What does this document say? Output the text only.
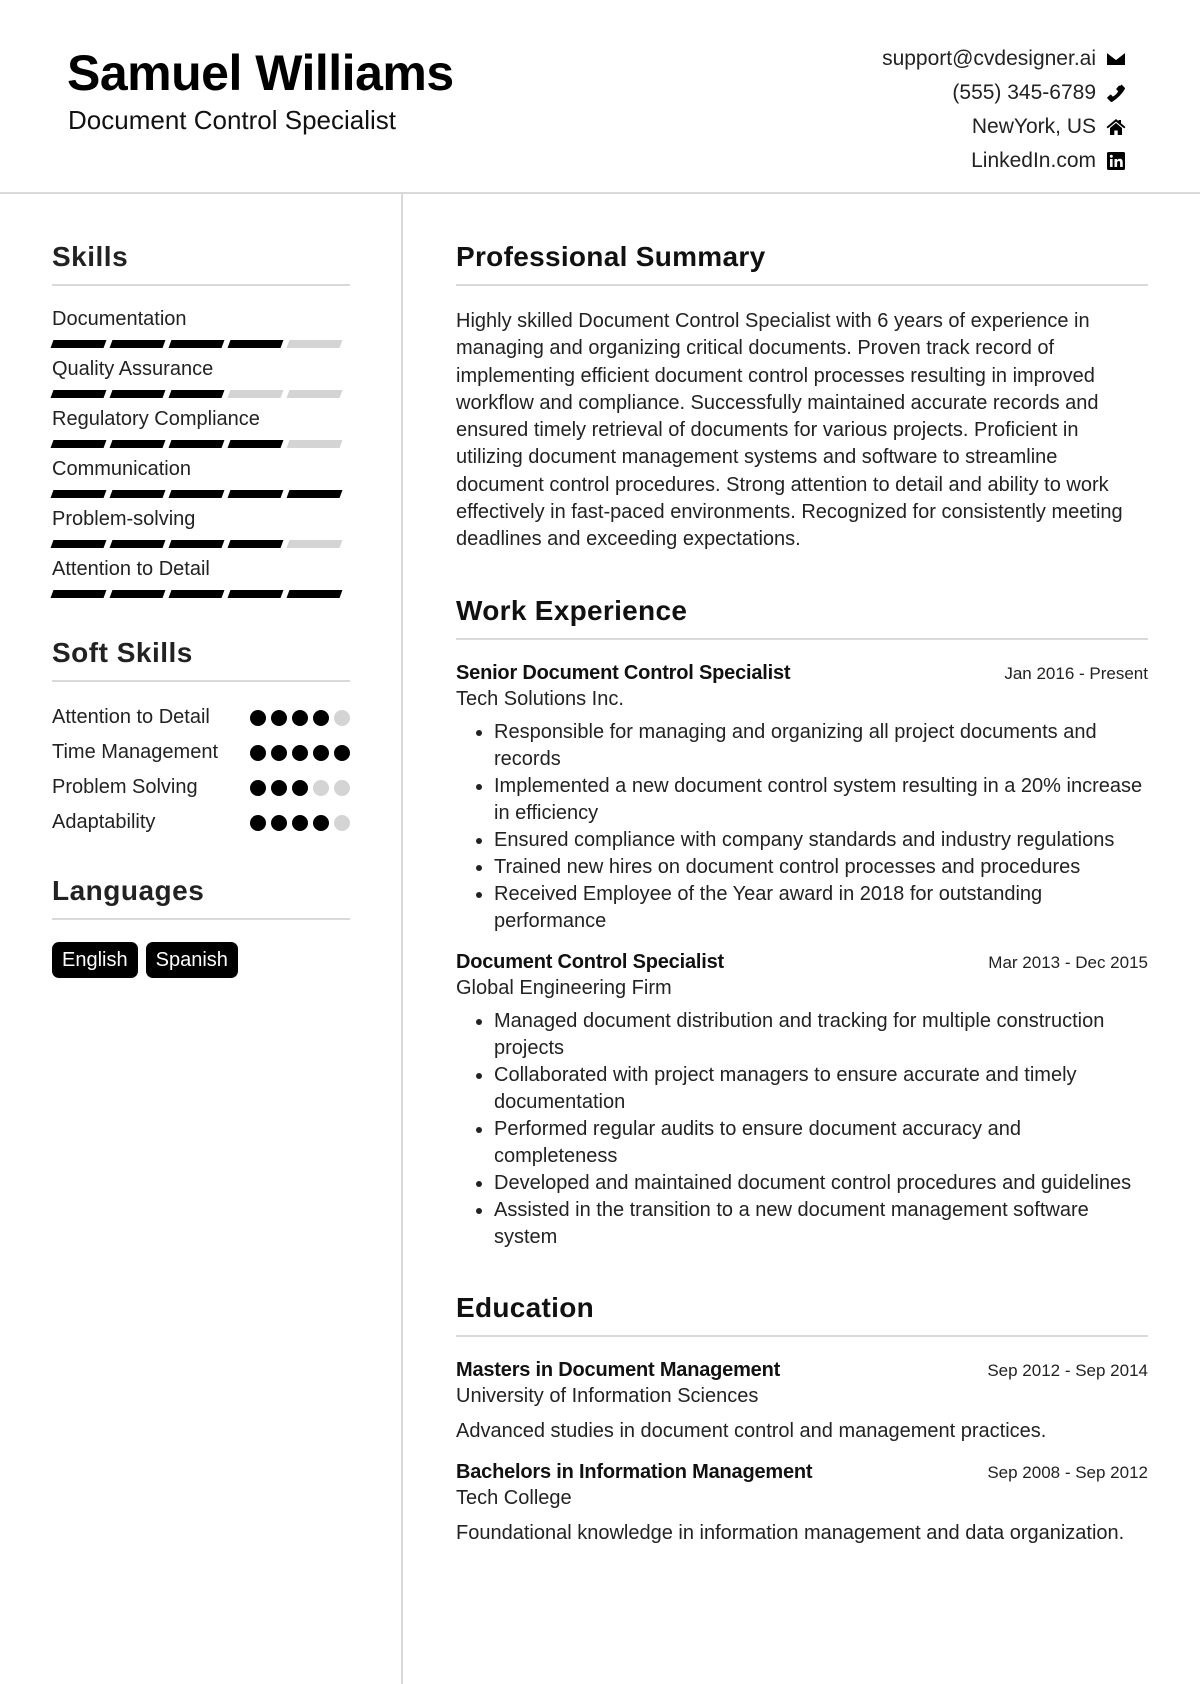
Samuel Williams
Document Control Specialist
support@cvdesigner.ai
(555) 345-6789
NewYork, US
LinkedIn.com
Skills
Documentation
Quality Assurance
Regulatory Compliance
Communication
Problem-solving
Attention to Detail
Soft Skills
Attention to Detail
Time Management
Problem Solving
Adaptability
Languages
English	Spanish
Professional Summary

Highly skilled Document Control Specialist with 6 years of experience in managing and organizing critical documents. Proven track record of implementing efficient document control processes resulting in improved workflow and compliance. Successfully maintained accurate records and ensured timely retrieval of documents for various projects. Proficient in utilizing document management systems and software to streamline document control procedures. Strong attention to detail and ability to work effectively in fast-paced environments. Recognized for consistently meeting deadlines and exceeding expectations.

Work Experience
Senior Document Control Specialist	Jan 2016 - Present
Tech Solutions Inc.
• Responsible for managing and organizing all project documents and records
• Implemented a new document control system resulting in a 20% increase in efficiency
• Ensured compliance with company standards and industry regulations
• Trained new hires on document control processes and procedures
• Received Employee of the Year award in 2018 for outstanding performance
Document Control Specialist	Mar 2013 - Dec 2015
Global Engineering Firm
• Managed document distribution and tracking for multiple construction projects
• Collaborated with project managers to ensure accurate and timely documentation
• Performed regular audits to ensure document accuracy and completeness
• Developed and maintained document control procedures and guidelines
• Assisted in the transition to a new document management software system
Education
Masters in Document Management	Sep 2012 - Sep 2014
University of Information Sciences

Advanced studies in document control and management practices.

Bachelors in Information Management	Sep 2008 - Sep 2012
Tech College

Foundational knowledge in information management and data organization.
